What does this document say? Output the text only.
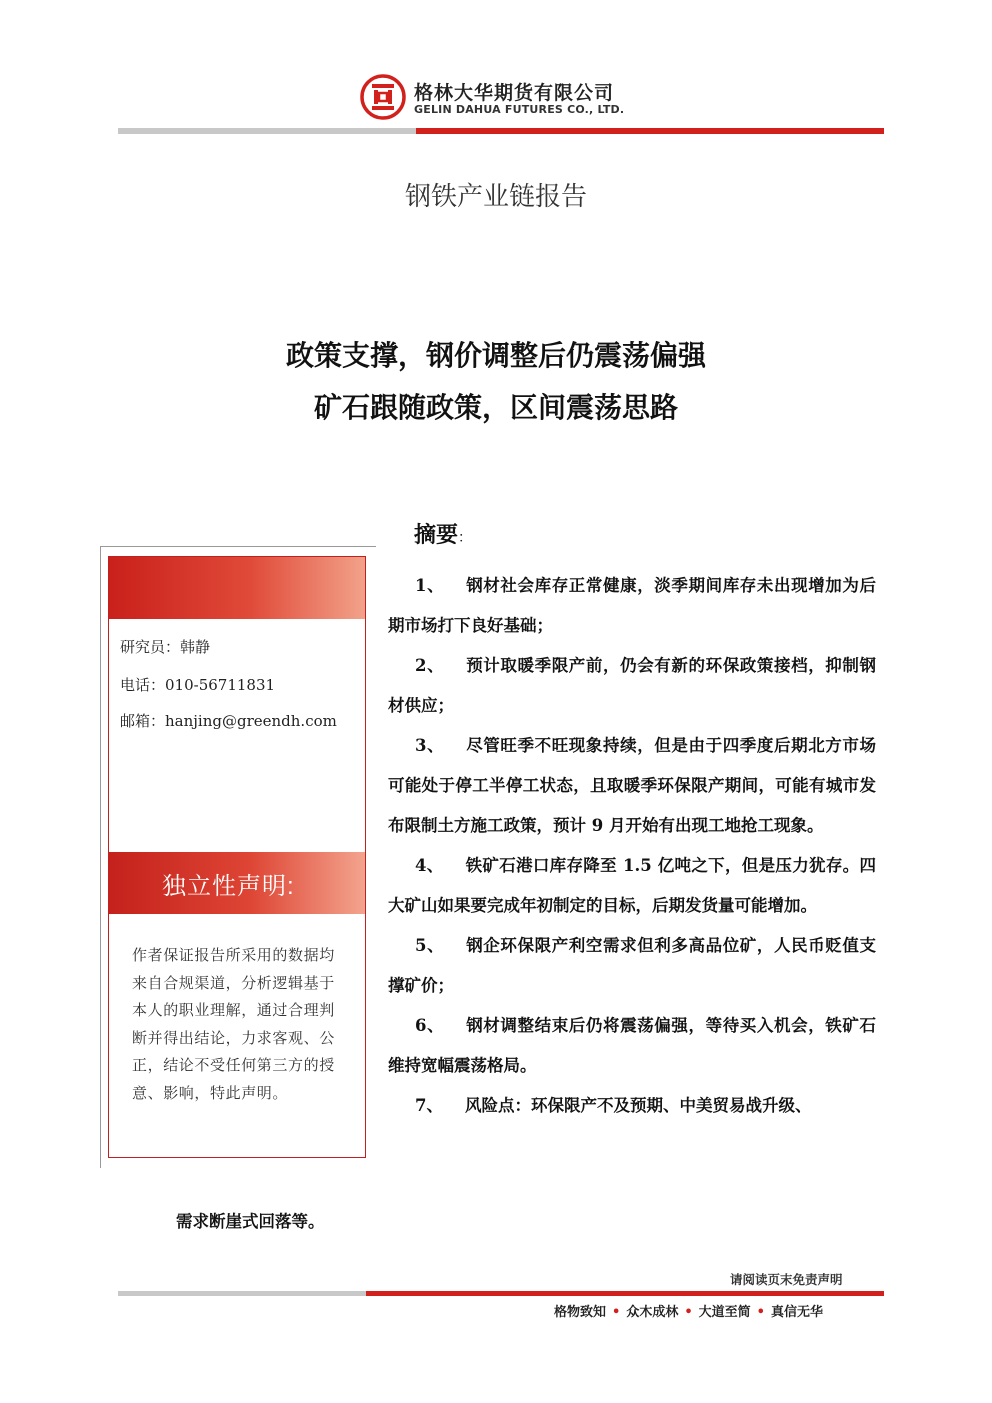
格林大华期货有限公司
GELIN DAHUA FUTURES CO., LTD.
钢铁产业链报告
政策支撑，钢价调整后仍震荡偏强
矿石跟随政策，区间震荡思路
摘要：
研究员：韩静
电话：010-56711831
邮箱：hanjing@greendh.com
独立性声明:
作者保证报告所采用的数据均来自合规渠道，分析逻辑基于本人的职业理解，通过合理判断并得出结论，力求客观、公正，结论不受任何第三方的授意、影响，特此声明。

1、 钢材社会库存正常健康，淡季期间库存未出现增加为后期市场打下良好基础；

2、 预计取暖季限产前，仍会有新的环保政策接档，抑制钢材供应；

3、 尽管旺季不旺现象持续，但是由于四季度后期北方市场可能处于停工半停工状态，且取暖季环保限产期间，可能有城市发布限制土方施工政策，预计 9 月开始有出现工地抢工现象。

4、 铁矿石港口库存降至 1.5 亿吨之下，但是压力犹存。四大矿山如果要完成年初制定的目标，后期发货量可能增加。

5、 钢企环保限产利空需求但利多高品位矿，人民币贬值支撑矿价；

6、 钢材调整结束后仍将震荡偏强，等待买入机会，铁矿石维持宽幅震荡格局。

7、 风险点：环保限产不及预期、中美贸易战升级、

需求断崖式回落等。
请阅读页末免责声明
格物致知 • 众木成林 • 大道至简 • 真信无华
